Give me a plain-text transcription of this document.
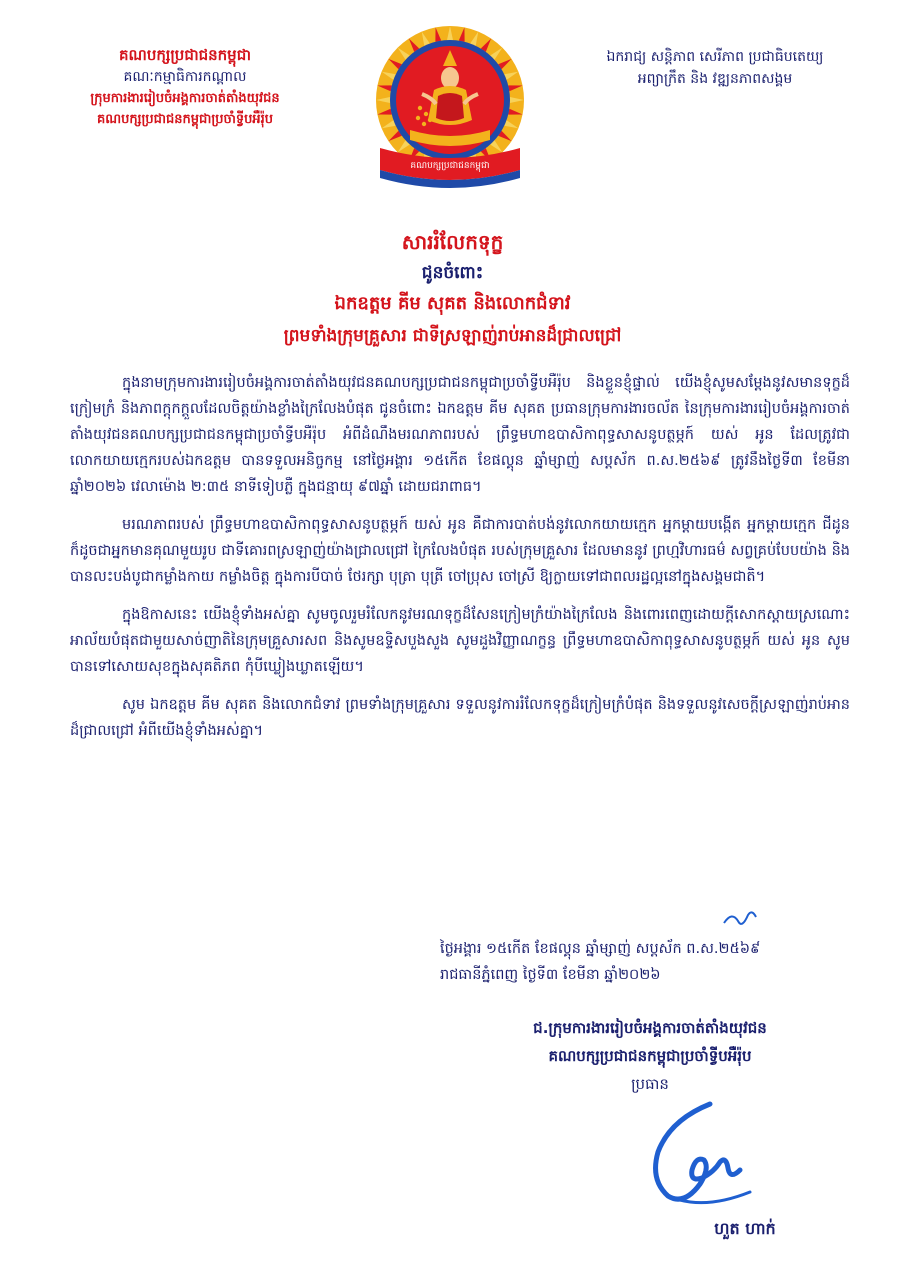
គណបក្សប្រជាជនកម្ពុជា
គណៈកម្មាធិការកណ្តាល
ក្រុមការងាររៀបចំអង្គការចាត់តាំងយុវជន
គណបក្សប្រជាជនកម្ពុជាប្រចាំទ្វីបអឺរ៉ុប
គណបក្សប្រជាជនកម្ពុជា
ឯករាជ្យ សន្តិភាព សេរីភាព ប្រជាធិបតេយ្យ
អព្យាក្រឹត និង វឌ្ឍនភាពសង្គម
សាររំលែកទុក្ខ
ជូនចំពោះ
ឯកឧត្តម គីម សុគត និងលោកជំទាវ
ព្រមទាំងក្រុមគ្រួសារ ជាទីស្រឡាញ់រាប់អានដ៏ជ្រាលជ្រៅ

ក្នុងនាមក្រុមការងាររៀបចំអង្គការចាត់តាំងយុវជនគណបក្សប្រជាជនកម្ពុជាប្រចាំទ្វីបអឺរ៉ុប និងខ្លួនខ្ញុំផ្ទាល់ យើងខ្ញុំសូមសម្តែងនូវសមានទុក្ខដ៏ក្រៀមក្រំ និងភាពក្តុកក្តួលដែលចិត្តយ៉ាងខ្លាំងក្រៃលែងបំផុត ជូនចំពោះ ឯកឧត្តម គីម សុគត ប្រធានក្រុមការងារចល័ត នៃក្រុមការងាររៀបចំអង្គការចាត់តាំងយុវជនគណបក្សប្រជាជនកម្ពុជាប្រចាំទ្វីបអឺរ៉ុប អំពីដំណឹងមរណភាពរបស់ ព្រឹទ្ធមហាឧបាសិកាពុទ្ធសាសនូបត្ថម្ភក៍ យស់ អូន ដែលត្រូវជាលោកយាយក្មេករបស់ឯកឧត្តម បានទទួលអនិច្ចកម្ម នៅថ្ងៃអង្គារ ១៥កើត ខែផល្គុន ឆ្នាំម្សាញ់ សប្តស័ក ព.ស.២៥៦៩ ត្រូវនឹងថ្ងៃទី៣ ខែមីនា ឆ្នាំ២០២៦ វេលាម៉ោង ២:៣៥ នាទីទៀបភ្លឺ ក្នុងជន្មាយុ ៩៧ឆ្នាំ ដោយជរាពាធ។

មរណភាពរបស់ ព្រឹទ្ធមហាឧបាសិកាពុទ្ធសាសនូបត្ថម្ភក៍ យស់ អូន គឺជាការបាត់បង់នូវលោកយាយក្មេក អ្នកម្តាយបង្កើត អ្នកម្តាយក្មេក ជីដូន ក៏ដូចជាអ្នកមានគុណមួយរូប ជាទីគោរពស្រឡាញ់យ៉ាងជ្រាលជ្រៅ ក្រៃលែងបំផុត របស់ក្រុមគ្រួសារ ដែលមាននូវ ព្រហ្មវិហារធម៌ សព្វគ្រប់បែបយ៉ាង និងបានលះបង់បូជាកម្លាំងកាយ កម្លាំងចិត្ត ក្នុងការបីបាច់ ថែរក្សា បុត្រា បុត្រី ចៅប្រុស ចៅស្រី ឱ្យក្លាយទៅជាពលរដ្ឋល្អនៅក្នុងសង្គមជាតិ។

ក្នុងឱកាសនេះ យើងខ្ញុំទាំងអស់គ្នា សូមចូលរួមរំលែកនូវមរណទុក្ខដ៏សែនក្រៀមក្រំយ៉ាងក្រៃលែង និងពោរពេញដោយក្តីសោកស្តាយស្រណោះអាល័យបំផុតជាមួយសាច់ញាតិនៃក្រុមគ្រួសារសព និងសូមឧទ្ទិសបួងសួង សូមដួងវិញ្ញាណក្ខន្ធ ព្រឹទ្ធមហាឧបាសិកាពុទ្ធសាសនូបត្ថម្ភក៍ យស់ អូន សូមបានទៅសោយសុខក្នុងសុគតិភព កុំបីឃ្លៀងឃ្លាតឡើយ។

សូម ឯកឧត្តម គីម សុគត និងលោកជំទាវ ព្រមទាំងក្រុមគ្រួសារ ទទួលនូវការរំលែកទុក្ខដ៏ក្រៀមក្រំបំផុត និងទទួលនូវសេចក្តីស្រឡាញ់រាប់អានដ៏ជ្រាលជ្រៅ អំពីយើងខ្ញុំទាំងអស់គ្នា។

ថ្ងៃអង្គារ ១៥កើត ខែផល្គុន ឆ្នាំម្សាញ់ សប្តស័ក ព.ស.២៥៦៩
រាជធានីភ្នំពេញ ថ្ងៃទី៣ ខែមីនា ឆ្នាំ២០២៦
ជ.ក្រុមការងាររៀបចំអង្គការចាត់តាំងយុវជន
គណបក្សប្រជាជនកម្ពុជាប្រចាំទ្វីបអឺរ៉ុប
ប្រធាន
ហួត ហាក់
